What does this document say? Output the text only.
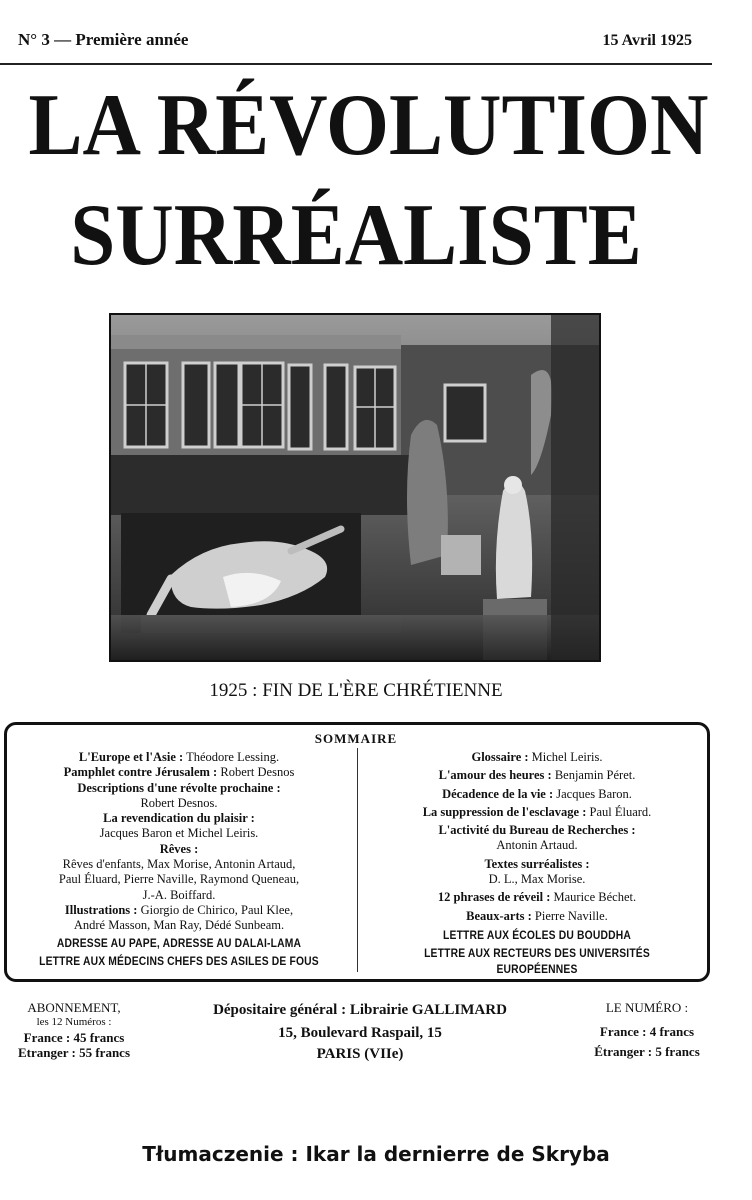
N° 3 — Première année	15 Avril 1925
LA RÉVOLUTION
SURRÉALISTE
1925 : FIN DE L'ÈRE CHRÉTIENNE
SOMMAIRE
L'Europe et l'Asie : Théodore Lessing.
Pamphlet contre Jérusalem : Robert Desnos
Descriptions d'une révolte prochaine :
Robert Desnos.
La revendication du plaisir :
Jacques Baron et Michel Leiris.
Rêves :
Rêves d'enfants, Max Morise, Antonin Artaud,
Paul Éluard, Pierre Naville, Raymond Queneau,
J.-A. Boiffard.
Illustrations : Giorgio de Chirico, Paul Klee,
André Masson, Man Ray, Dédé Sunbeam.
ADRESSE AU PAPE, ADRESSE AU DALAI-LAMA
LETTRE AUX MÉDECINS CHEFS DES ASILES DE FOUS
Glossaire : Michel Leiris.
L'amour des heures : Benjamin Péret.
Décadence de la vie : Jacques Baron.
La suppression de l'esclavage : Paul Éluard.
L'activité du Bureau de Recherches :
Antonin Artaud.
Textes surréalistes :
D. L., Max Morise.
12 phrases de réveil : Maurice Béchet.
Beaux-arts : Pierre Naville.
LETTRE AUX ÉCOLES DU BOUDDHA
LETTRE AUX RECTEURS DES UNIVERSITÉS EUROPÉENNES
ABONNEMENT,
les 12 Numéros :
France : 45 francs
Etranger : 55 francs
Dépositaire général : Librairie GALLIMARD
15, Boulevard Raspail, 15
PARIS (VIIe)
LE NUMÉRO :
France : 4 francs
Étranger : 5 francs
Tłumaczenie : Ikar la dernierre de Skryba
